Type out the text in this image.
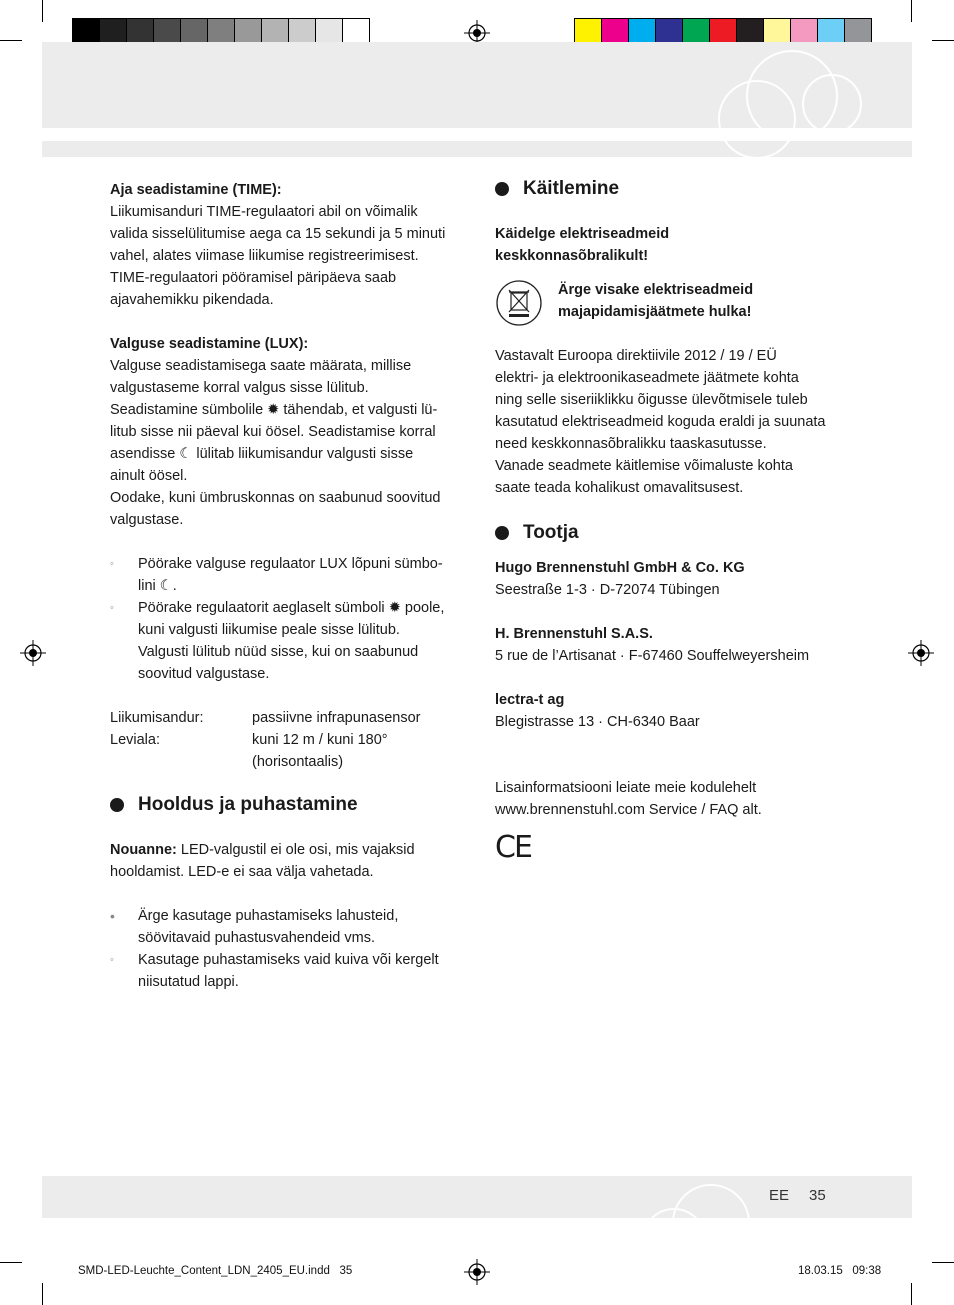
Aja seadistamine (TIME):

Liikumisanduri TIME-regulaatori abil on võimalik

valida sisselülitumise aega ca 15 sekundi ja 5 minuti

vahel, alates viimase liikumise registreerimisest.

TIME-regulaatori pööramisel päripäeva saab

ajavahemikku pikendada.

Valguse seadistamine (LUX):

Valguse seadistamisega saate määrata, millise

valgustaseme korral valgus sisse lülitub.

Seadistamine sümbolile ✹ tähendab, et valgusti lü-

litub sisse nii päeval kui öösel. Seadistamise korral

asendisse ☾ lülitab liikumisandur valgusti sisse

ainult öösel.

Oodake, kuni ümbruskonnas on saabunud soovitud

valgustase.

◦ Pöörake valguse regulaator LUX lõpuni sümbo-

lini ☾.

◦ Pöörake regulaatorit aeglaselt sümboli ✹ poole,

kuni valgusti liikumise peale sisse lülitub.

Valgusti lülitub nüüd sisse, kui on saabunud

soovitud valgustase.

Liikumisandur:	passiivne infrapunasensor
Leviala:	kuni 12 m / kuni 180°
(horisontaalis)
Hooldus ja puhastamine

Nouanne: LED-valgustil ei ole osi, mis vajaksid

hooldamist. LED-e ei saa välja vahetada.

• Ärge kasutage puhastamiseks lahusteid,

söövitavaid puhastusvahendeid vms.

◦ Kasutage puhastamiseks vaid kuiva või kergelt

niisutatud lappi.

Käitlemine

Käidelge elektriseadmeid

keskkonnasõbralikult!

Ärge visake elektriseadmeid

majapidamisjäätmete hulka!

Vastavalt Euroopa direktiivile 2012 / 19 / EÜ

elektri- ja elektroonikaseadmete jäätmete kohta

ning selle siseriiklikku õigusse ülevõtmisele tuleb

kasutatud elektriseadmeid koguda eraldi ja suunata

need keskkonnasõbralikku taaskasutusse.

Vanade seadmete käitlemise võimaluste kohta

saate teada kohalikust omavalitsusest.

Tootja

Hugo Brennenstuhl GmbH & Co. KG

Seestraße 1-3 · D-72074 Tübingen

H. Brennenstuhl S.A.S.

5 rue de l’Artisanat · F-67460 Souffelweyersheim

lectra-t ag

Blegistrasse 13 · CH-6340 Baar

Lisainformatsiooni leiate meie kodulehelt

www.brennenstuhl.com Service / FAQ alt.

CE
EE 35
SMD-LED-Leuchte_Content_LDN_2405_EU.indd   35	18.03.15   09:38
